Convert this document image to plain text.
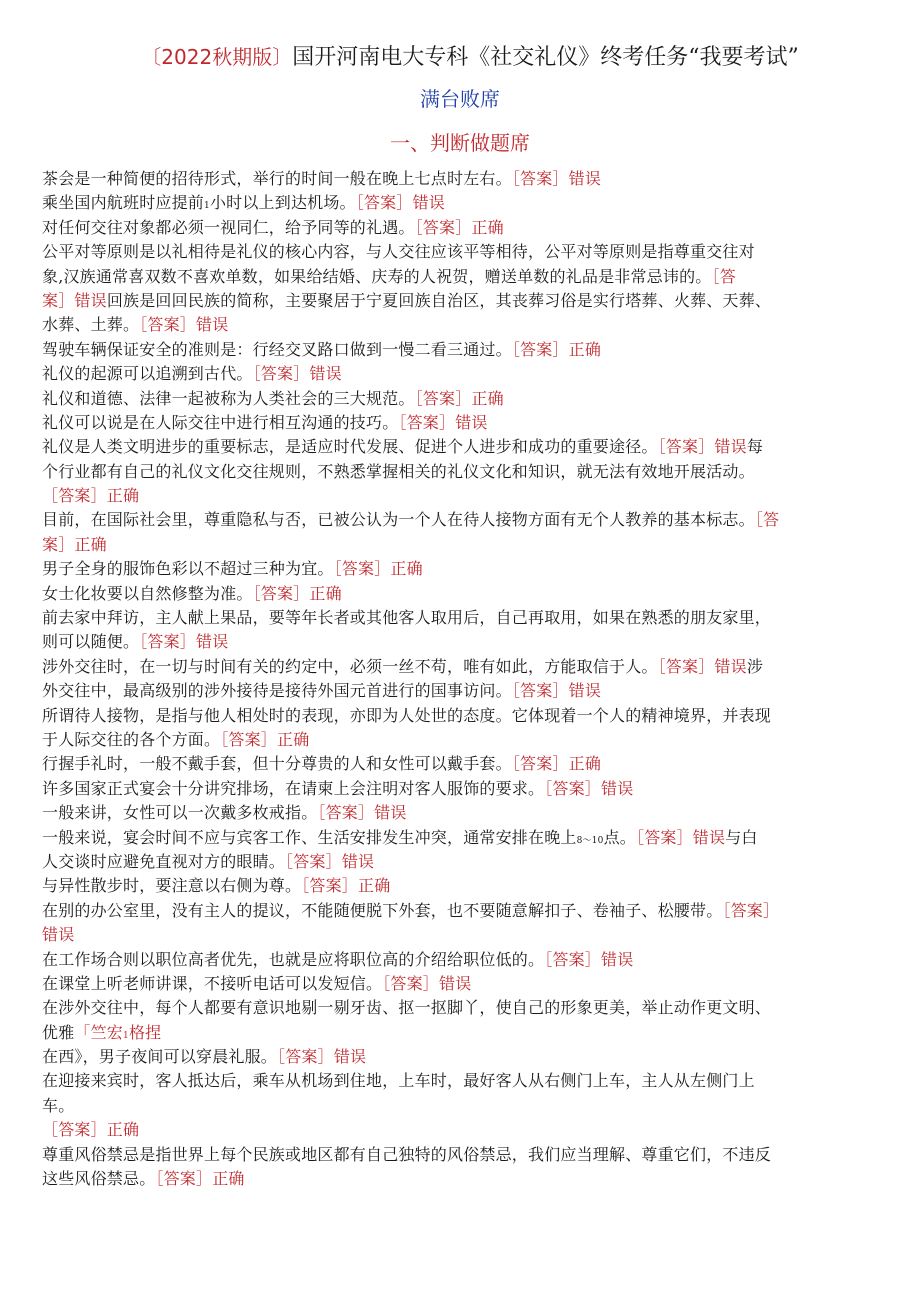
〔2022秋期版〕国开河南电大专科《社交礼仪》终考任务“我要考试”
满台败席
一、判断做题席
茶会是一种简便的招待形式，举行的时间一般在晚上七点时左右。［答案］错误
乘坐国内航班时应提前1小时以上到达机场。［答案］错误
对任何交往对象都必须一视同仁，给予同等的礼遇。［答案］正确
公平对等原则是以礼相待是礼仪的核心内容，与人交往应该平等相待，公平对等原则是指尊重交往对
象,汉族通常喜双数不喜欢单数，如果给结婚、庆寿的人祝贺，赠送单数的礼品是非常忌讳的。［答
案］错误回族是回回民族的简称，主要聚居于宁夏回族自治区，其丧葬习俗是实行塔葬、火葬、天葬、
水葬、土葬。［答案］错误
驾驶车辆保证安全的准则是：行经交叉路口做到一慢二看三通过。［答案］正确
礼仪的起源可以追溯到古代。［答案］错误
礼仪和道德、法律一起被称为人类社会的三大规范。［答案］正确
礼仪可以说是在人际交往中进行相互沟通的技巧。［答案］错误
礼仪是人类文明进步的重要标志，是适应时代发展、促进个人进步和成功的重要途径。［答案］错误每
个行业都有自己的礼仪文化交往规则，不熟悉掌握相关的礼仪文化和知识，就无法有效地开展活动。
［答案］正确
目前，在国际社会里，尊重隐私与否，已被公认为一个人在待人接物方面有无个人教养的基本标志。［答
案］正确
男子全身的服饰色彩以不超过三种为宜。［答案］正确
女士化妆要以自然修整为准。［答案］正确
前去家中拜访，主人献上果品，要等年长者或其他客人取用后，自己再取用，如果在熟悉的朋友家里，
则可以随便。［答案］错误
涉外交往时，在一切与时间有关的约定中，必须一丝不苟，唯有如此，方能取信于人。［答案］错误涉
外交往中，最高级别的涉外接待是接待外国元首进行的国事访问。［答案］错误
所谓待人接物，是指与他人相处时的表现，亦即为人处世的态度。它体现着一个人的精神境界，并表现
于人际交往的各个方面。［答案］正确
行握手礼时，一般不戴手套，但十分尊贵的人和女性可以戴手套。［答案］正确
许多国家正式宴会十分讲究排场，在请柬上会注明对客人服饰的要求。［答案］错误
一般来讲，女性可以一次戴多枚戒指。［答案］错误
一般来说，宴会时间不应与宾客工作、生活安排发生冲突，通常安排在晚上8～10点。［答案］错误与白
人交谈时应避免直视对方的眼睛。［答案］错误
与异性散步时，要注意以右侧为尊。［答案］正确
在别的办公室里，没有主人的提议，不能随便脱下外套，也不要随意解扣子、卷袖子、松腰带。［答案］
错误
在工作场合则以职位高者优先，也就是应将职位高的介绍给职位低的。［答案］错误
在课堂上听老师讲课，不接听电话可以发短信。［答案］错误
在涉外交往中，每个人都要有意识地剔一剔牙齿、抠一抠脚丫，使自己的形象更美，举止动作更文明、
优雅「竺宏1格捏
在西》，男子夜间可以穿晨礼服。［答案］错误
在迎接来宾时，客人抵达后，乘车从机场到住地，上车时，最好客人从右侧门上车，主人从左侧门上
车。
［答案］正确
尊重风俗禁忌是指世界上每个民族或地区都有自己独特的风俗禁忌，我们应当理解、尊重它们，不违反
这些风俗禁忌。［答案］正确
